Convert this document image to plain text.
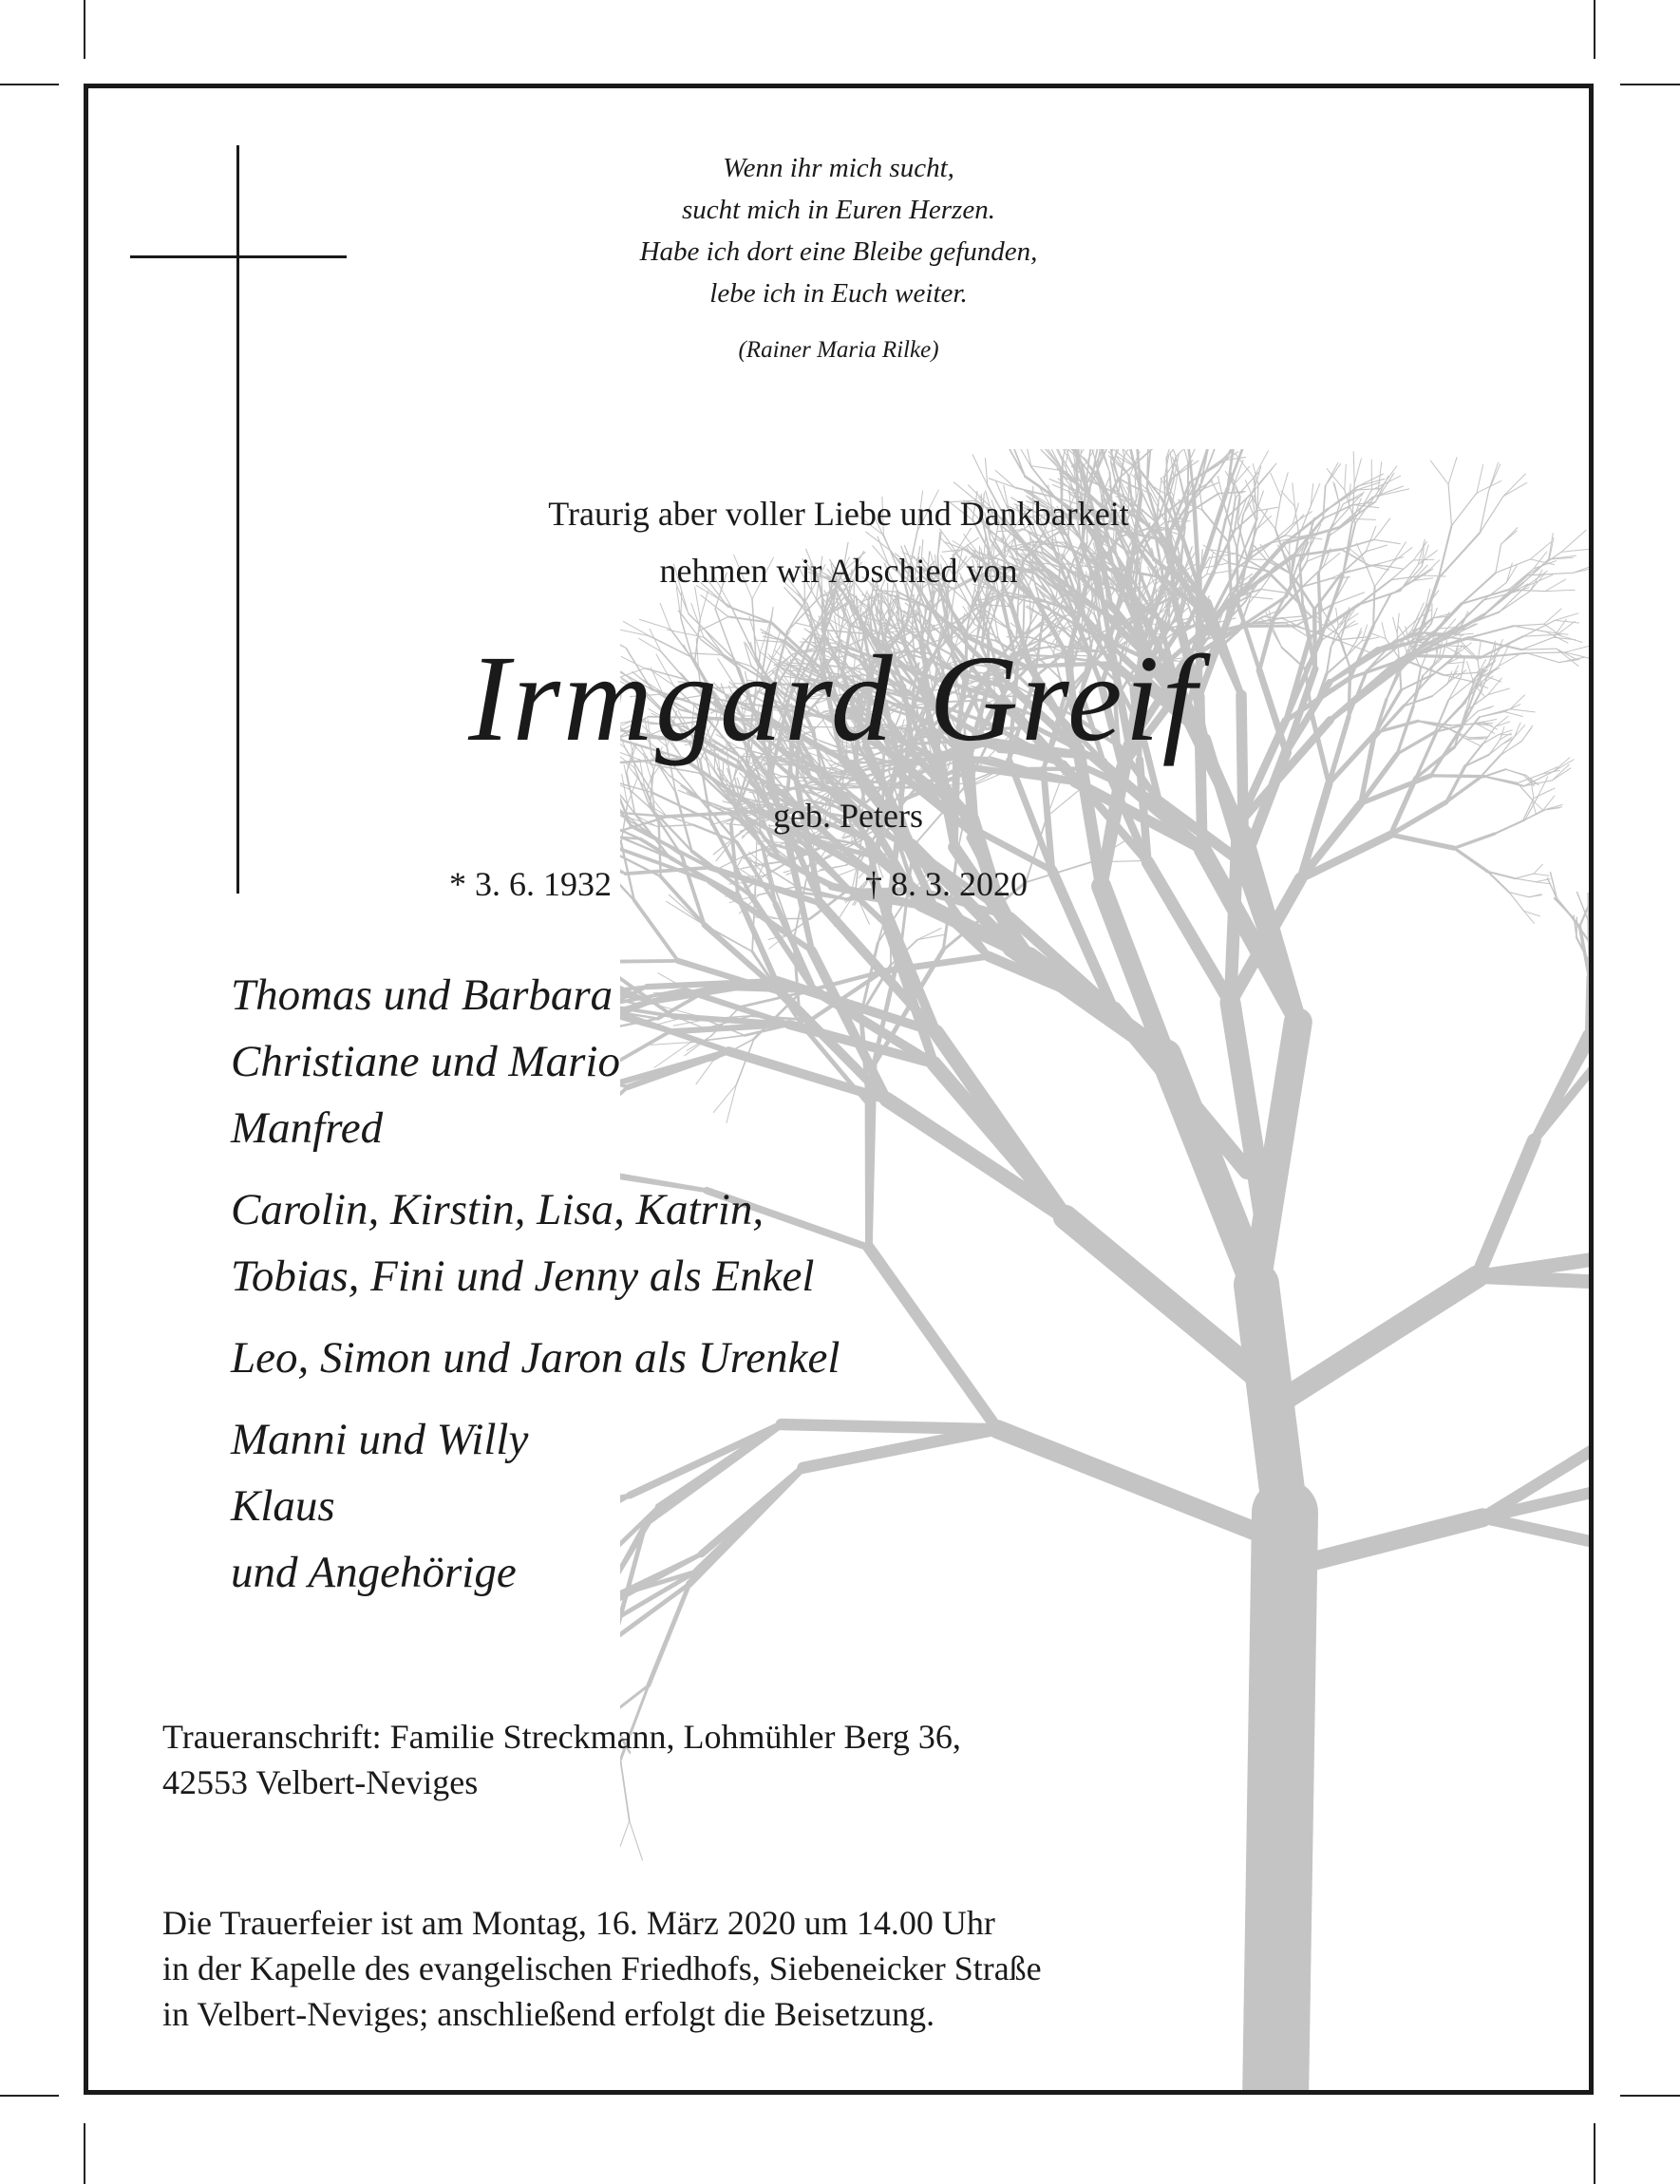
Wenn ihr mich sucht,
sucht mich in Euren Herzen.
Habe ich dort eine Bleibe gefunden,
lebe ich in Euch weiter.
(Rainer Maria Rilke)
Traurig aber voller Liebe und Dankbarkeit
nehmen wir Abschied von
Irmgard Greif
geb. Peters
* 3. 6. 1932	† 8. 3. 2020
Thomas und Barbara
Christiane und Mario
Manfred
Carolin, Kirstin, Lisa, Katrin,
Tobias, Fini und Jenny als Enkel
Leo, Simon und Jaron als Urenkel
Manni und Willy
Klaus
und Angehörige
Traueranschrift: Familie Streckmann, Lohmühler Berg 36,
42553 Velbert-Neviges
Die Trauerfeier ist am Montag, 16. März 2020 um 14.00 Uhr
in der Kapelle des evangelischen Friedhofs, Siebeneicker Straße
in Velbert-Neviges; anschließend erfolgt die Beisetzung.
